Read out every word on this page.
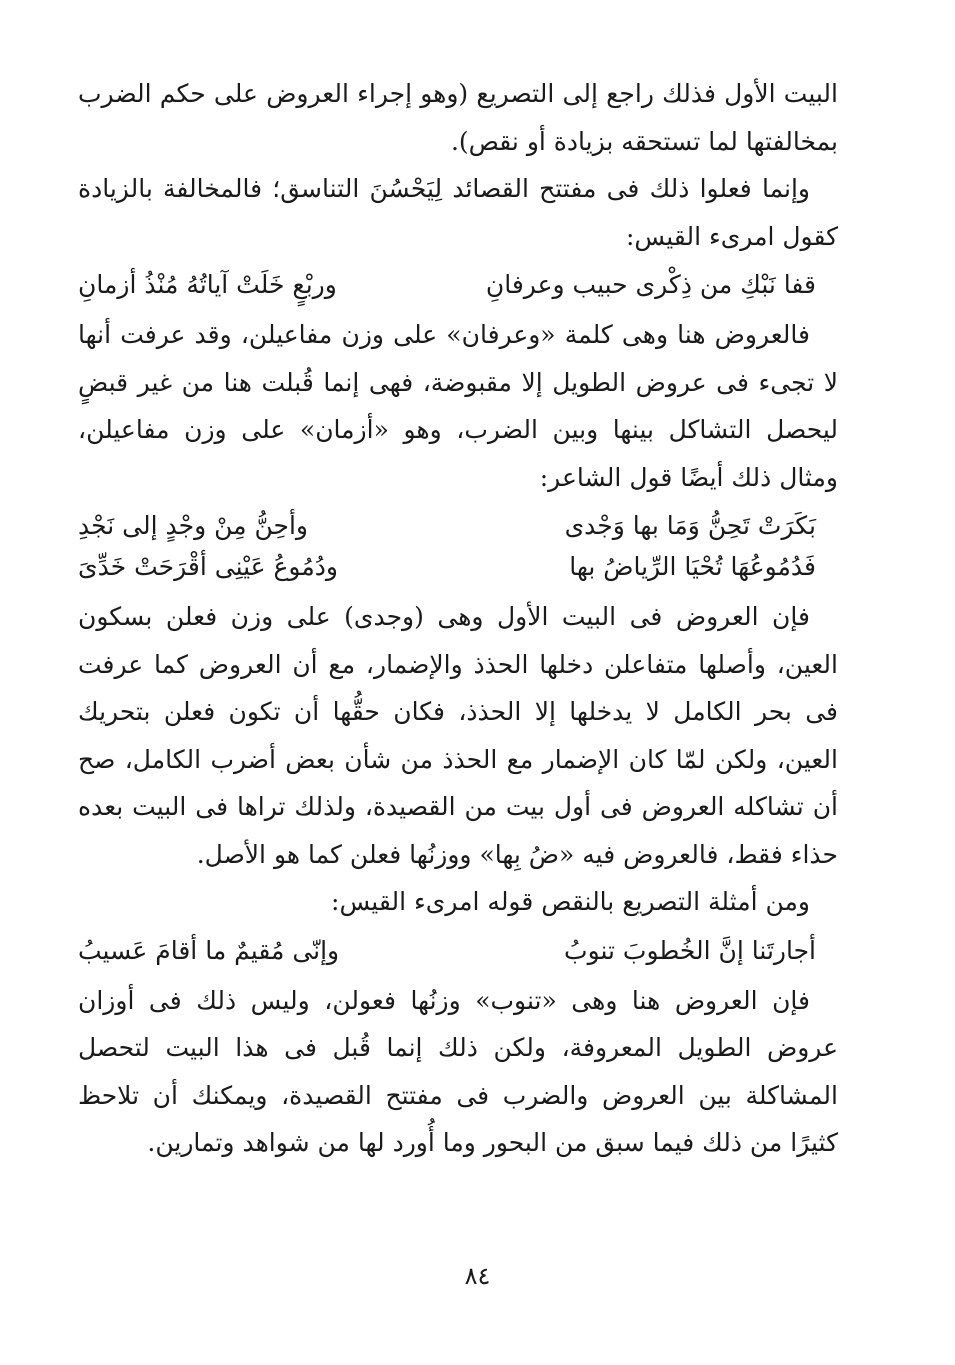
البيت الأول فذلك راجع إلى التصريع (وهو إجراء العروض على حكم الضرب بمخالفتها لما تستحقه بزيادة أو نقص).

وإنما فعلوا ذلك فى مفتتح القصائد لِيَحْسُنَ التناسق؛ فالمخالفة بالزيادة كقول امرىء القيس:

قفا نَبْكِ من ذِكْرى حبيب وعرفانِ
وربْعٍ خَلَتْ آياتُهُ مُنْذُ أزمانِ

فالعروض هنا وهى كلمة «وعرفان» على وزن مفاعيلن، وقد عرفت أنها لا تجىء فى عروض الطويل إلا مقبوضة، فهى إنما قُبلت هنا من غير قبضٍ ليحصل التشاكل بينها وبين الضرب، وهو «أزمان» على وزن مفاعيلن، ومثال ذلك أيضًا قول الشاعر:

بَكَرَتْ تَحِنُّ وَمَا بها وَجْدى
وأحِنُّ مِنْ وجْدٍ إلى نَجْدِ
فَدُمُوعُهَا تُحْيَا الرِّياضُ بها
ودُمُوعُ عَيْنِى أقْرَحَتْ خَدِّىَ

فإن العروض فى البيت الأول وهى (وجدى) على وزن فعلن بسكون العين، وأصلها متفاعلن دخلها الحذذ والإضمار، مع أن العروض كما عرفت فى بحر الكامل لا يدخلها إلا الحذذ، فكان حقُّها أن تكون فعلن بتحريك العين، ولكن لمّا كان الإضمار مع الحذذ من شأن بعض أضرب الكامل، صح أن تشاكله العروض فى أول بيت من القصيدة، ولذلك تراها فى البيت بعده حذاء فقط، فالعروض فيه «ضُ بِها» ووزنُها فعلن كما هو الأصل.

ومن أمثلة التصريع بالنقص قوله امرىء القيس:

أجارتَنا إنَّ الخُطوبَ تنوبُ
وإنّى مُقيمٌ ما أقامَ عَسيبُ

فإن العروض هنا وهى «تنوب» وزنُها فعولن، وليس ذلك فى أوزان عروض الطويل المعروفة، ولكن ذلك إنما قُبل فى هذا البيت لتحصل المشاكلة بين العروض والضرب فى مفتتح القصيدة، ويمكنك أن تلاحظ كثيرًا من ذلك فيما سبق من البحور وما أُورد لها من شواهد وتمارين.

٨٤
